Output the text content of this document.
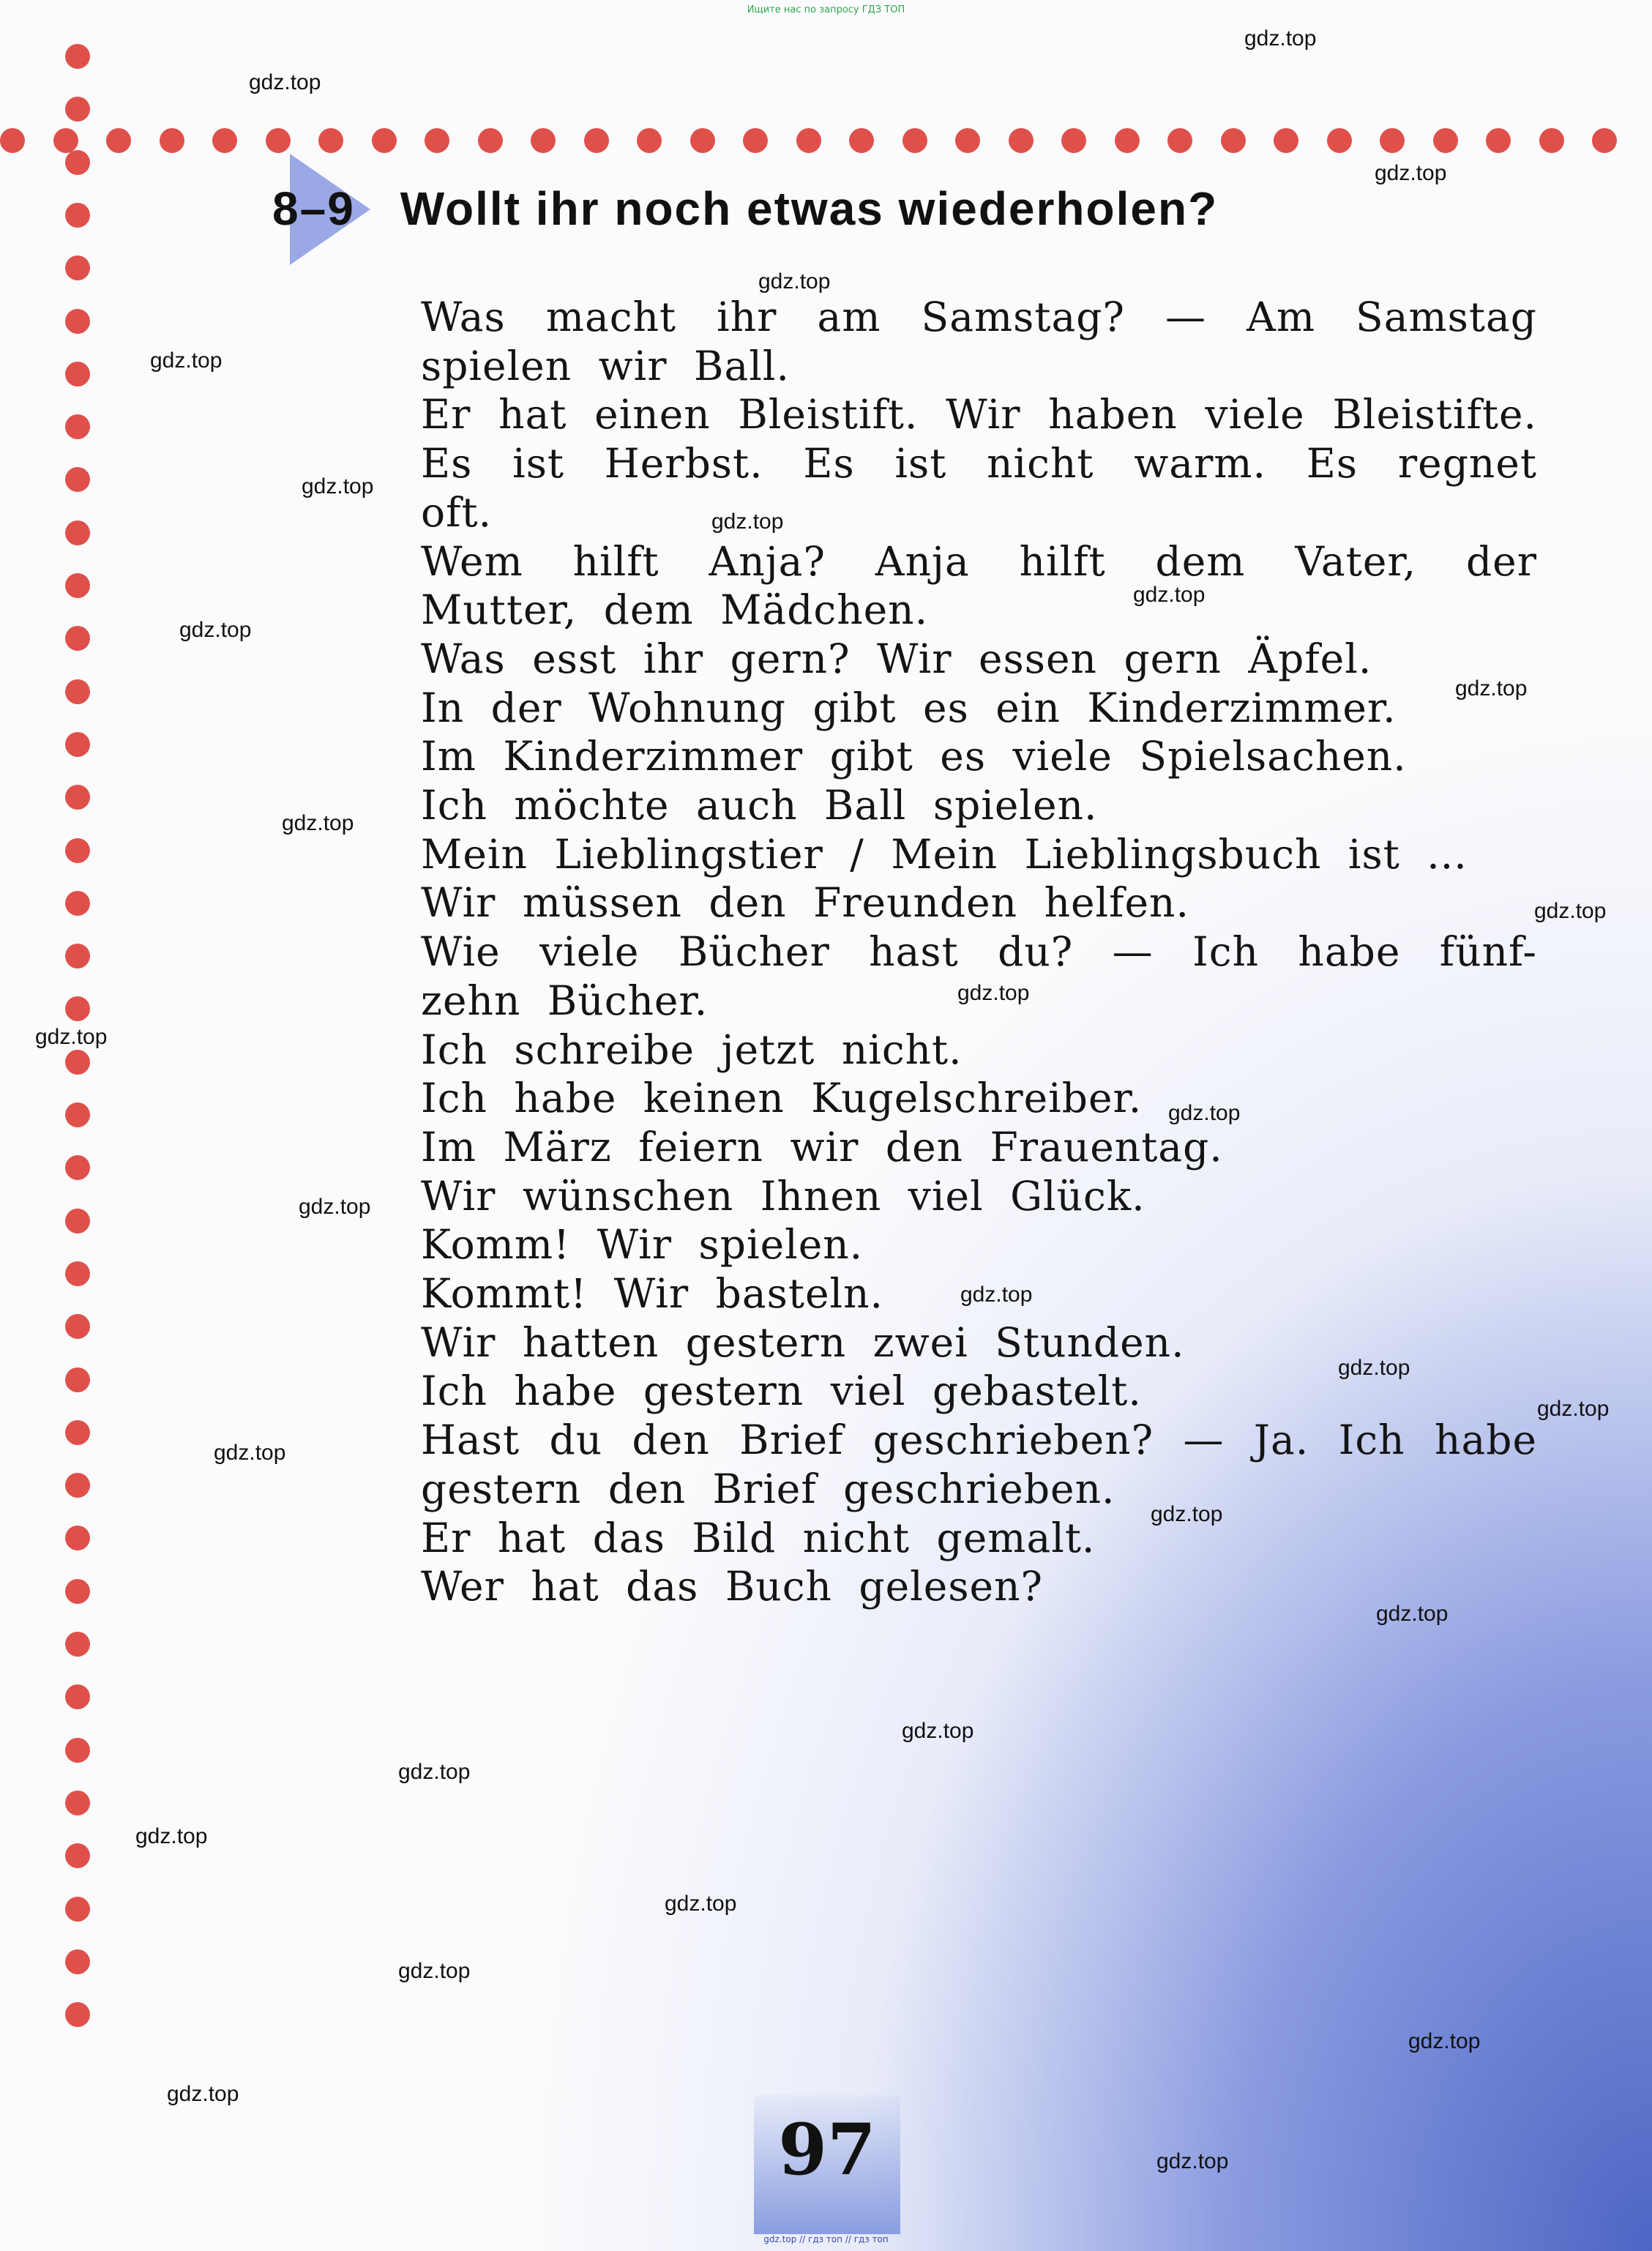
Ищите нас по запросу ГДЗ ТОП
8–9 Wollt ihr noch etwas wiederholen?
Was macht ihr am Samstag? — Am Samstag
spielen wir Ball.
Er hat einen Bleistift. Wir haben viele Bleistifte.
Es ist Herbst. Es ist nicht warm. Es regnet
oft.
Wem hilft Anja? Anja hilft dem Vater, der
Mutter, dem Mädchen.
Was esst ihr gern? Wir essen gern Äpfel.
In der Wohnung gibt es ein Kinderzimmer.
Im Kinderzimmer gibt es viele Spielsachen.
Ich möchte auch Ball spielen.
Mein Lieblingstier / Mein Lieblingsbuch ist ...
Wir müssen den Freunden helfen.
Wie viele Bücher hast du? — Ich habe fünf-
zehn Bücher.
Ich schreibe jetzt nicht.
Ich habe keinen Kugelschreiber.
Im März feiern wir den Frauentag.
Wir wünschen Ihnen viel Glück.
Komm! Wir spielen.
Kommt! Wir basteln.
Wir hatten gestern zwei Stunden.
Ich habe gestern viel gebastelt.
Hast du den Brief geschrieben? — Ja. Ich habe
gestern den Brief geschrieben.
Er hat das Bild nicht gemalt.
Wer hat das Buch gelesen?
97
gdz.top
gdz.top
gdz.top
gdz.top
gdz.top
gdz.top
gdz.top
gdz.top
gdz.top
gdz.top
gdz.top
gdz.top
gdz.top
gdz.top
gdz.top
gdz.top
gdz.top
gdz.top
gdz.top
gdz.top
gdz.top
gdz.top
gdz.top
gdz.top
gdz.top
gdz.top
gdz.top
gdz.top
gdz.top
gdz.top
gdz.top // гдз топ // гдз топ
